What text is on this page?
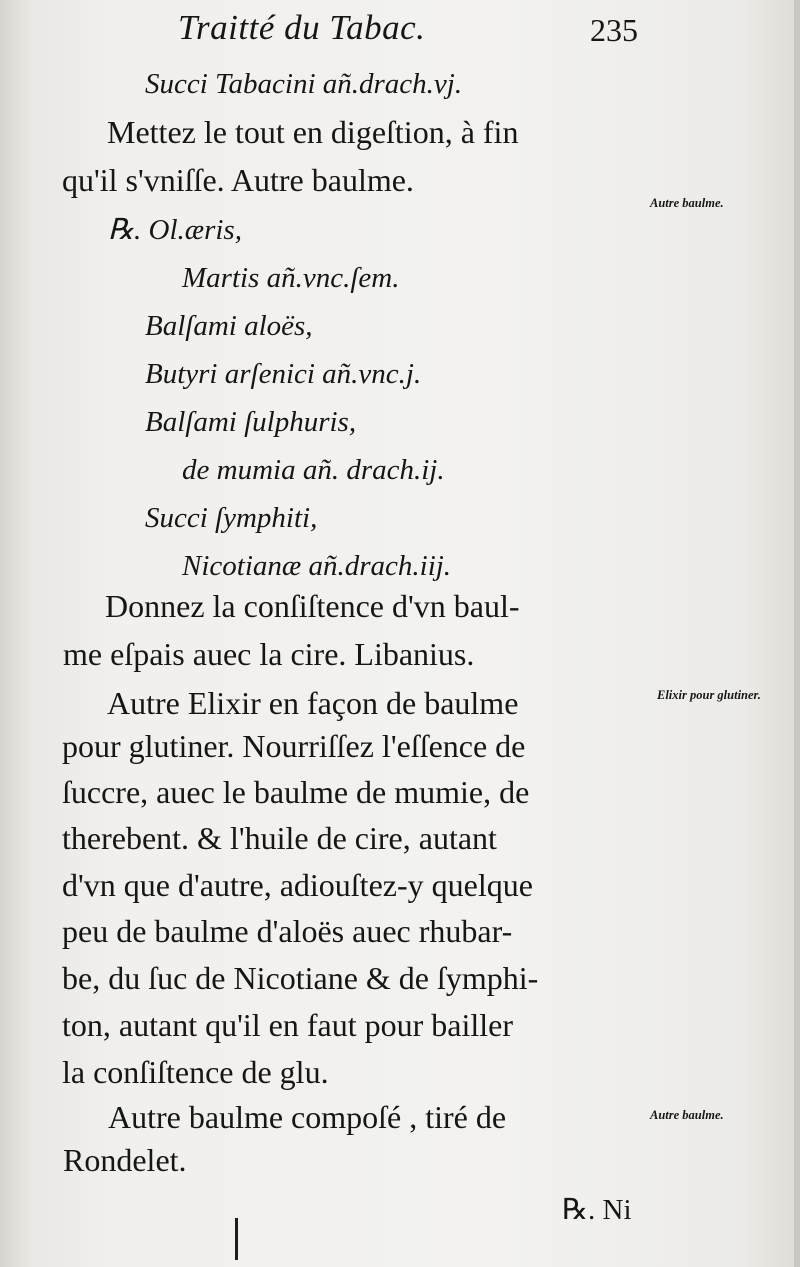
Traitté du Tabac.	235
Succi Tabacini añ.drach.vj.
Mettez le tout en digeſtion, à fin
qu'il s'vniſſe. Autre baulme.
℞. Ol.æris,
Martis añ.vnc.ſem.
Balſami aloës,
Butyri arſenici añ.vnc.j.
Balſami ſulphuris,
de mumia añ. drach.ij.
Succi ſymphiti,
Nicotianæ añ.drach.iij.
Donnez la conſiſtence d'vn baul-
me eſpais auec la cire. Libanius.
Autre Elixir en façon de baulme
pour glutiner. Nourriſſez l'eſſence de
ſuccre, auec le baulme de mumie, de
therebent. & l'huile de cire, autant
d'vn que d'autre, adiouſtez-y quelque
peu de baulme d'aloës auec rhubar-
be, du ſuc de Nicotiane & de ſymphi-
ton, autant qu'il en faut pour bailler
la conſiſtence de glu.
Autre baulme compoſé , tiré de
Rondelet.
Autre baulme.
Elixir pour glutiner.
Autre baulme.
℞. Ni
